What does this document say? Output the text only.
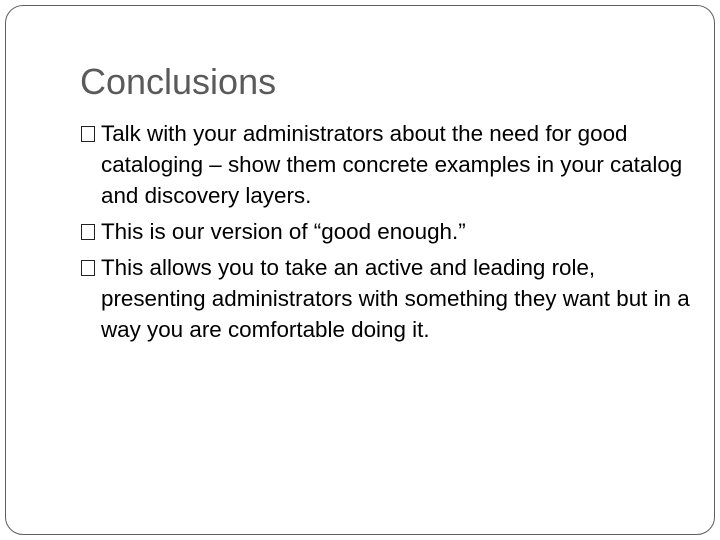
Conclusions
Talk with your administrators about the need for good cataloging – show them concrete examples in your catalog and discovery layers.
This is our version of “good enough.”
This allows you to take an active and leading role, presenting administrators with something they want but in a way you are comfortable doing it.
